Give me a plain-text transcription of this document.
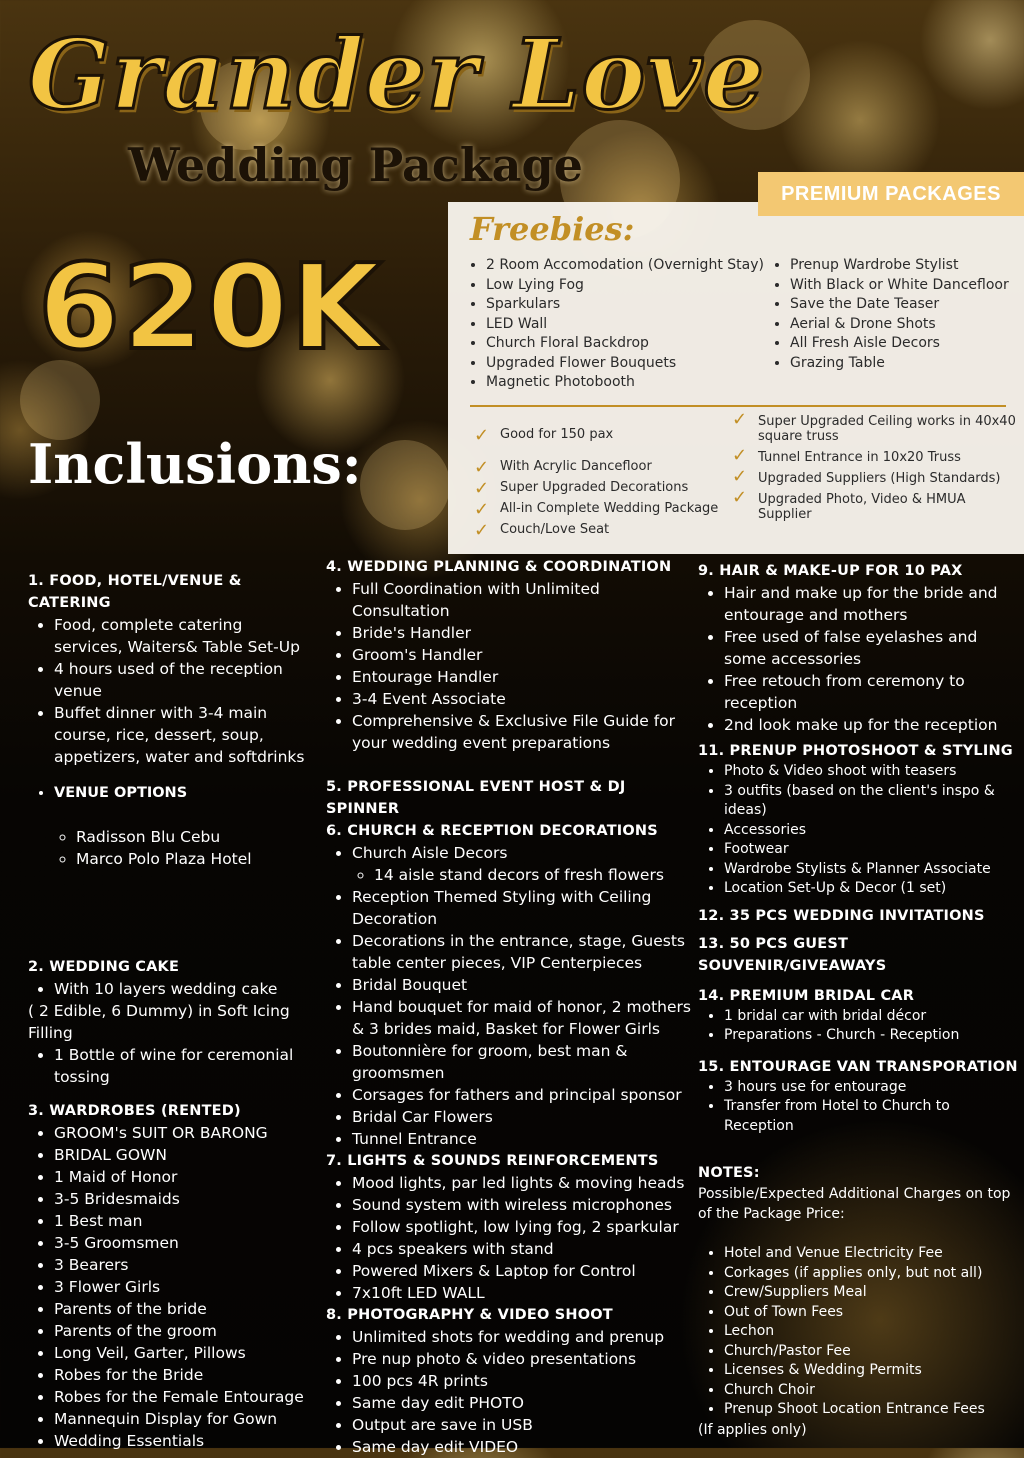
Grander Love
Wedding Package
620K
Freebies:
• 2 Room Accomodation (Overnight Stay)
• Low Lying Fog
• Sparkulars
• LED Wall
• Church Floral Backdrop
• Upgraded Flower Bouquets
• Magnetic Photobooth
• Prenup Wardrobe Stylist
• With Black or White Dancefloor
• Save the Date Teaser
• Aerial & Drone Shots
• All Fresh Aisle Decors
• Grazing Table
✓ Good for 150 pax
✓ With Acrylic Dancefloor
✓ Super Upgraded Decorations
✓ All-in Complete Wedding Package
✓ Couch/Love Seat
✓ Super Upgraded Ceiling works in 40x40 square truss
✓ Tunnel Entrance in 10x20 Truss
✓ Upgraded Suppliers (High Standards)
✓ Upgraded Photo, Video & HMUA Supplier
PREMIUM PACKAGES
Inclusions:
1. FOOD, HOTEL/VENUE & CATERING
• Food, complete catering services, Waiters& Table Set-Up
• 4 hours used of the reception venue
• Buffet dinner with 3-4 main course, rice, dessert, soup, appetizers, water and softdrinks
• VENUE OPTIONS
◦ Radisson Blu Cebu
◦ Marco Polo Plaza Hotel
2. WEDDING CAKE
• With 10 layers wedding cake

( 2 Edible, 6 Dummy) in Soft Icing Filling

• 1 Bottle of wine for ceremonial tossing
3. WARDROBES (RENTED)
• GROOM's SUIT OR BARONG
• BRIDAL GOWN
• 1 Maid of Honor
• 3-5 Bridesmaids
• 1 Best man
• 3-5 Groomsmen
• 3 Bearers
• 3 Flower Girls
• Parents of the bride
• Parents of the groom
• Long Veil, Garter, Pillows
• Robes for the Bride
• Robes for the Female Entourage
• Mannequin Display for Gown
• Wedding Essentials
4. WEDDING PLANNING & COORDINATION
• Full Coordination with Unlimited Consultation
• Bride's Handler
• Groom's Handler
• Entourage Handler
• 3-4 Event Associate
• Comprehensive & Exclusive File Guide for your wedding event preparations
5. PROFESSIONAL EVENT HOST & DJ SPINNER
6. CHURCH & RECEPTION DECORATIONS
• Church Aisle Decors
◦ 14 aisle stand decors of fresh flowers
• Reception Themed Styling with Ceiling Decoration
• Decorations in the entrance, stage, Guests table center pieces, VIP Centerpieces
• Bridal Bouquet
• Hand bouquet for maid of honor, 2 mothers & 3 brides maid, Basket for Flower Girls
• Boutonnière for groom, best man & groomsmen
• Corsages for fathers and principal sponsor
• Bridal Car Flowers
• Tunnel Entrance
7. LIGHTS & SOUNDS REINFORCEMENTS
• Mood lights, par led lights & moving heads
• Sound system with wireless microphones
• Follow spotlight, low lying fog, 2 sparkular
• 4 pcs speakers with stand
• Powered Mixers & Laptop for Control
• 7x10ft LED WALL
8. PHOTOGRAPHY & VIDEO SHOOT
• Unlimited shots for wedding and prenup
• Pre nup photo & video presentations
• 100 pcs 4R prints
• Same day edit PHOTO
• Output are save in USB
• Same day edit VIDEO
9. HAIR & MAKE-UP FOR 10 PAX
• Hair and make up for the bride and entourage and mothers
• Free used of false eyelashes and some accessories
• Free retouch from ceremony to reception
• 2nd look make up for the reception
11. PRENUP PHOTOSHOOT & STYLING
• Photo & Video shoot with teasers
• 3 outfits (based on the client's inspo & ideas)
• Accessories
• Footwear
• Wardrobe Stylists & Planner Associate
• Location Set-Up & Decor (1 set)
12. 35 PCS WEDDING INVITATIONS
13. 50 PCS GUEST SOUVENIR/GIVEAWAYS
14. PREMIUM BRIDAL CAR
• 1 bridal car with bridal décor
• Preparations - Church - Reception
15. ENTOURAGE VAN TRANSPORATION
• 3 hours use for entourage
• Transfer from Hotel to Church to Reception
NOTES:

Possible/Expected Additional Charges on top of the Package Price:

• Hotel and Venue Electricity Fee
• Corkages (if applies only, but not all)
• Crew/Suppliers Meal
• Out of Town Fees
• Lechon
• Church/Pastor Fee
• Licenses & Wedding Permits
• Church Choir
• Prenup Shoot Location Entrance Fees

(If applies only)
